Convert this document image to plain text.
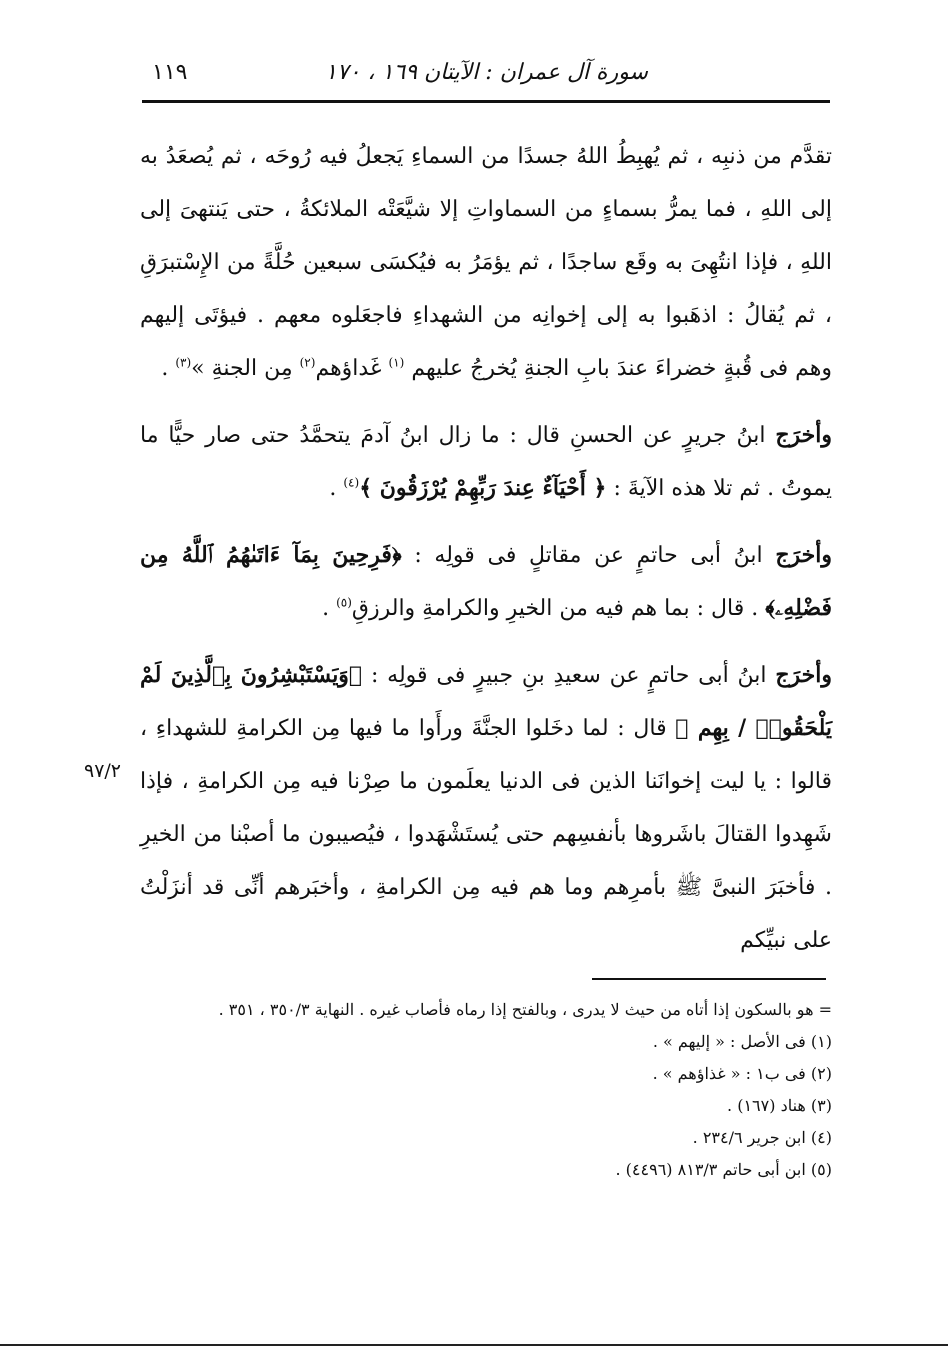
سورة آل عمران : الآيتان ١٦٩ ، ١٧٠
١١٩

تقدَّم من ذنبِه ، ثم يُهبِطُ اللهُ جسدًا من السماءِ يَجعلُ فيه رُوحَه ، ثم يُصعَدُ به إلى اللهِ ، فما يمرُّ بسماءٍ من السماواتِ إلا شيَّعَتْه الملائكةُ ، حتى يَنتهىَ إلى اللهِ ، فإذا انتُهِىَ به وقَع ساجدًا ، ثم يؤمَرُ به فيُكسَى سبعين حُلَّةً من الإِسْتبرَقِ ، ثم يُقالُ : اذهَبوا به إلى إخوانِه من الشهداءِ فاجعَلوه معهم . فيؤتَى إليهم وهم فى قُبةٍ خضراءَ عندَ بابِ الجنةِ يُخرجُ عليهم $^{(١)}$ غَداؤهم$^{(٢)}$ مِن الجنةِ »$^{(٣)}$ .

وأخرَج ابنُ جريرٍ عن الحسنِ قال : ما زال ابنُ آدمَ يتحمَّدُ حتى صار حيًّا ما يموتُ . ثم تلا هذه الآيةَ : ﴿ أَحْيَآءٌ عِندَ رَبِّهِمْ يُرْزَقُونَ ﴾$^{(٤)}$ .

وأخرَج ابنُ أبى حاتمٍ عن مقاتلٍ فى قولِه : ﴿فَرِحِينَ بِمَآ ءَاتَىٰهُمُ ٱللَّهُ مِن فَضْلِهِۦ﴾ . قال : بما هم فيه من الخيرِ والكرامةِ والرزقِ$^{(٥)}$ .

وأخرَج ابنُ أبى حاتمٍ عن سعيدِ بنِ جبيرٍ فى قولِه : ﴿وَيَسْتَبْشِرُونَ بِٱلَّذِينَ لَمْ يَلْحَقُوا۟ / بِهِم ﴾ قال : لما دخَلوا الجنَّةَ ورأَوا ما فيها مِن الكرامةِ للشهداءِ ، قالوا : يا ليت إخوانَنا الذين فى الدنيا يعلَمون ما صِرْنا فيه مِن الكرامةِ ، فإذا شَهِدوا القتالَ باشَروها بأنفسِهم حتى يُستَشْهَدوا ، فيُصيبون ما أصبْنا من الخيرِ . فأخبَرَ النبىَّ ﷺ بأمرِهم وما هم فيه مِن الكرامةِ ، وأخبَرهم أنِّى قد أنزَلْتُ على نبيِّكم

٩٧/٢

= هو بالسكون إذا أتاه من حيث لا يدرى ، وبالفتح إذا رماه فأصاب غيره . النهاية ٣٥٠/٣ ، ٣٥١ .

(١) فى الأصل : « إليهم » .

(٢) فى ب١ : « غذاؤهم » .

(٣) هناد (١٦٧) .

(٤) ابن جرير ٢٣٤/٦ .

(٥) ابن أبى حاتم ٨١٣/٣ (٤٤٩٦) .
